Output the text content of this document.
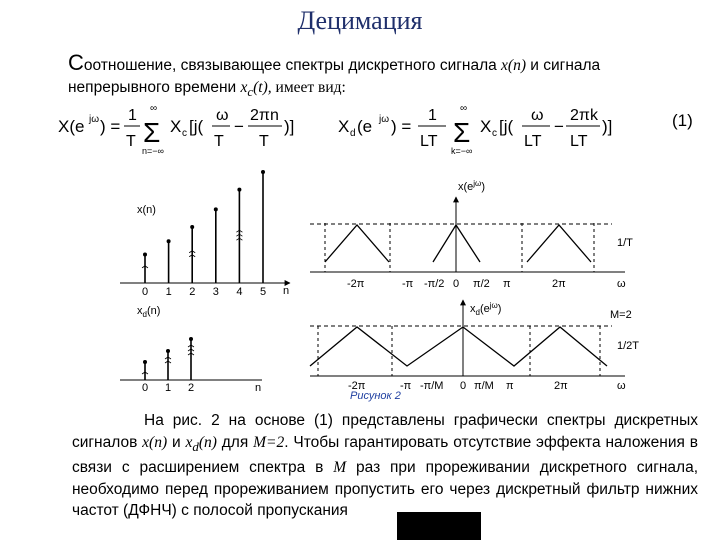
Децимация
Соотношение, связывающее спектры дискретного сигнала x(n) и сигнала непрерывного времени $x_c(t)$, имеет вид:
X(e jω ) =
1
T
∞
Σ
n=−∞
X c [j(
ω
T
−
2πn
T
)]	X d (e jω ) =
1
LT
∞
Σ
k=−∞
X c [j(
ω
LT
−
2πk
LT
)]	(1)
x(n)
n
0 1 2 3 4 5
$x_d(n)$
n
0 1 2
$x(e^{j\omega})$
1/T
-2π	-π -π/2 0 π/2 π	2π	ω
$x_d(e^{j\omega})$	M=2
1/2T
-2π	-π -π/M 0 π/M π	2π	ω
Рисунок 2
На рис. 2 на основе (1) представлены графически спектры дискретных сигналов x(n) и $x_d(n)$ для M=2. Чтобы гарантировать отсутствие эффекта наложения в связи с расширением спектра в M раз при прореживании дискретного сигнала, необходимо перед прореживанием пропустить его через дискретный фильтр нижних частот (ДФНЧ) с полосой пропускания
